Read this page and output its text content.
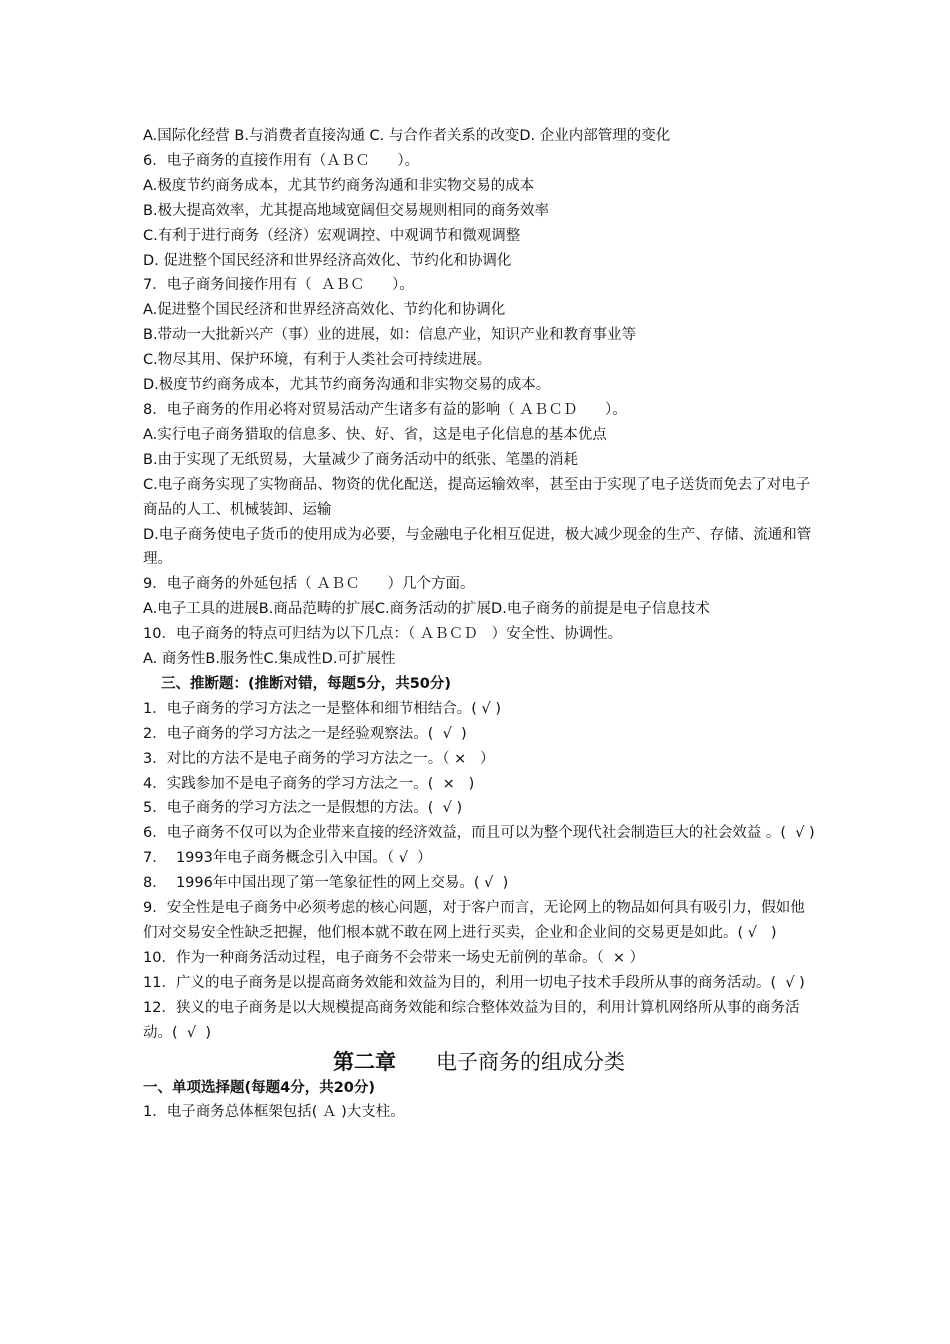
A.国际化经营 B.与消费者直接沟通 C. 与合作者关系的改变D. 企业内部管理的变化
6．电子商务的直接作用有（ＡＢＣ      ）。
A.极度节约商务成本，尤其节约商务沟通和非实物交易的成本
B.极大提高效率，尤其提高地域宽阔但交易规则相同的商务效率
C.有利于进行商务（经济）宏观调控、中观调节和微观调整
D. 促进整个国民经济和世界经济高效化、节约化和协调化
7．电子商务间接作用有（  ＡＢＣ      ）。
A.促进整个国民经济和世界经济高效化、节约化和协调化
B.带动一大批新兴产（事）业的进展，如：信息产业，知识产业和教育事业等
C.物尽其用、保护环境，有利于人类社会可持续进展。
D.极度节约商务成本，尤其节约商务沟通和非实物交易的成本。
8．电子商务的作用必将对贸易活动产生诸多有益的影响（ ＡＢＣＤ      ）。
A.实行电子商务猎取的信息多、快、好、省，这是电子化信息的基本优点
B.由于实现了无纸贸易，大量减少了商务活动中的纸张、笔墨的消耗
C.电子商务实现了实物商品、物资的优化配送，提高运输效率，甚至由于实现了电子送货而免去了对电子商品的人工、机械装卸、运输
D.电子商务使电子货币的使用成为必要，与金融电子化相互促进，极大减少现金的生产、存储、流通和管理。
9．电子商务的外延包括（ ＡＢＣ      ）几个方面。
A.电子工具的进展B.商品范畴的扩展C.商务活动的扩展D.电子商务的前提是电子信息技术
10．电子商务的特点可归结为以下几点：（ ＡＢＣＤ   ）安全性、协调性。
A. 商务性B.服务性C.集成性D.可扩展性
三、推断题：(推断对错，每题5分，共50分)
1．电子商务的学习方法之一是整体和细节相结合。( √ )
2．电子商务的学习方法之一是经验观察法。(  √  )
3．对比的方法不是电子商务的学习方法之一。（ ×   ）
4．实践参加不是电子商务的学习方法之一。(  ×   )
5．电子商务的学习方法之一是假想的方法。(  √ )
6．电子商务不仅可以为企业带来直接的经济效益，而且可以为整个现代社会制造巨大的社会效益 。(  √ )
7．  1993年电子商务概念引入中国。（ √  ）
8．  1996年中国出现了第一笔象征性的网上交易。( √  )
9．安全性是电子商务中必须考虑的核心问题，对于客户而言，无论网上的物品如何具有吸引力，假如他们对交易安全性缺乏把握，他们根本就不敢在网上进行买卖，企业和企业间的交易更是如此。( √   )
10．作为一种商务活动过程，电子商务不会带来一场史无前例的革命。（  × ）
11．广义的电子商务是以提高商务效能和效益为目的，利用一切电子技术手段所从事的商务活动。(  √ )
12．狭义的电子商务是以大规模提高商务效能和综合整体效益为目的，利用计算机网络所从事的商务活动。(  √  )
第二章 电子商务的组成分类
一、单项选择题(每题4分，共20分)
1．电子商务总体框架包括( Ａ )大支柱。
